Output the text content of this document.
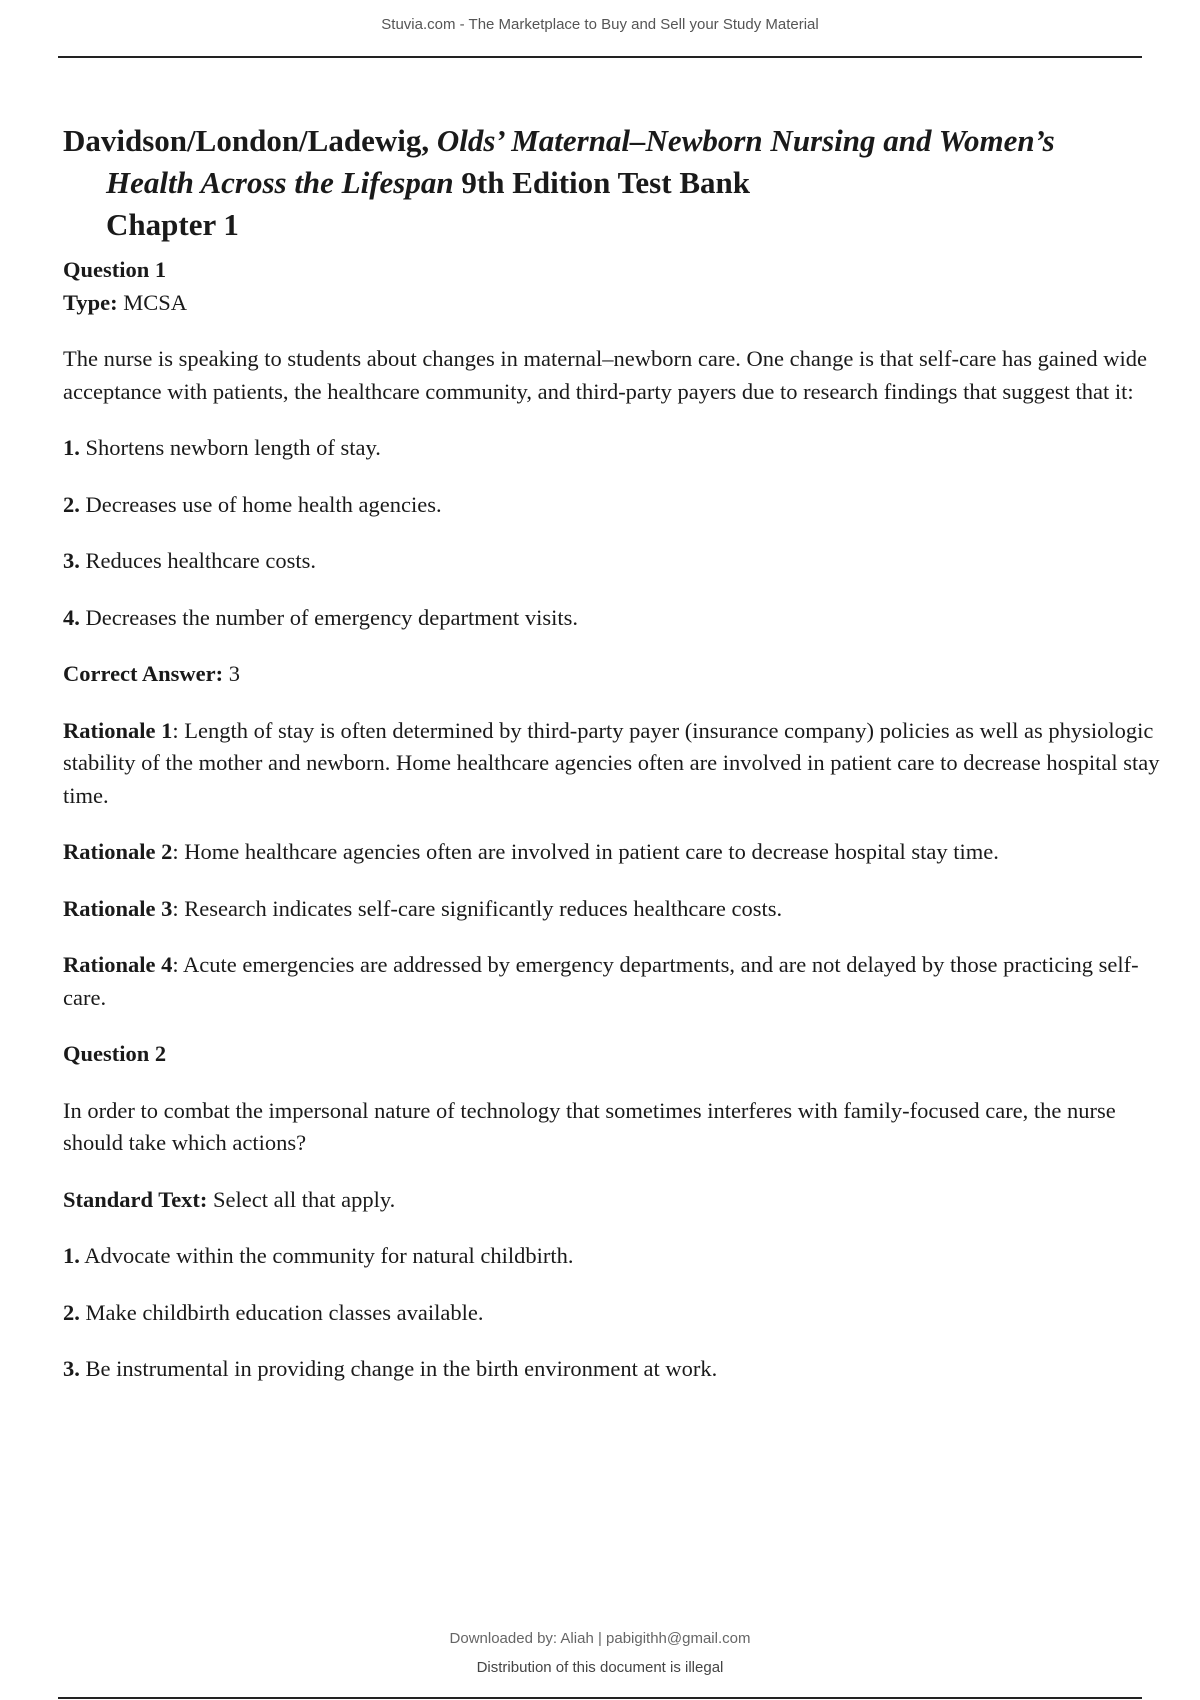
Stuvia.com - The Marketplace to Buy and Sell your Study Material
Davidson/London/Ladewig, Olds’ Maternal–Newborn Nursing and Women’s
Health Across the Lifespan 9th Edition Test Bank
Chapter 1

Question 1

Type: MCSA

The nurse is speaking to students about changes in maternal–newborn care. One change is that self-care has gained wide acceptance with patients, the healthcare community, and third-party payers due to research findings that suggest that it:

1. Shortens newborn length of stay.

2. Decreases use of home health agencies.

3. Reduces healthcare costs.

4. Decreases the number of emergency department visits.

Correct Answer: 3

Rationale 1: Length of stay is often determined by third-party payer (insurance company) policies as well as physiologic stability of the mother and newborn. Home healthcare agencies often are involved in patient care to decrease hospital stay time.

Rationale 2: Home healthcare agencies often are involved in patient care to decrease hospital stay time.

Rationale 3: Research indicates self-care significantly reduces healthcare costs.

Rationale 4: Acute emergencies are addressed by emergency departments, and are not delayed by those practicing self-care.

Question 2

In order to combat the impersonal nature of technology that sometimes interferes with family-focused care, the nurse should take which actions?

Standard Text: Select all that apply.

1. Advocate within the community for natural childbirth.

2. Make childbirth education classes available.

3. Be instrumental in providing change in the birth environment at work.

Downloaded by: Aliah | pabigithh@gmail.com
Distribution of this document is illegal
